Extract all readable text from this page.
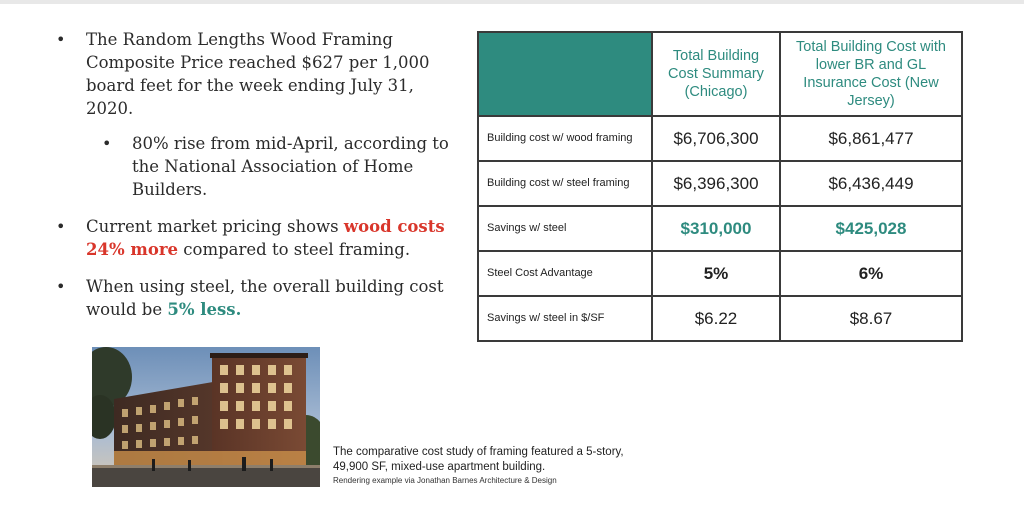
• The Random Lengths Wood Framing Composite Price reached $627 per 1,000 board feet for the week ending July 31, 2020.
• 80% rise from mid-April, according to the National Association of Home Builders.
• Current market pricing shows wood costs 24% more compared to steel framing.
• When using steel, the overall building cost would be 5% less.
	Total Building Cost Summary (Chicago)	Total Building Cost with lower BR and GL Insurance Cost (New Jersey)
Building cost w/ wood framing	$6,706,300	$6,861,477
Building cost w/ steel framing	$6,396,300	$6,436,449
Savings w/ steel	$310,000	$425,028
Steel Cost Advantage	5%	6%
Savings w/ steel in $/SF	$6.22	$8.67
The comparative cost study of framing featured a 5-story, 49,900 SF, mixed-use apartment building.
Rendering example via Jonathan Barnes Architecture & Design
